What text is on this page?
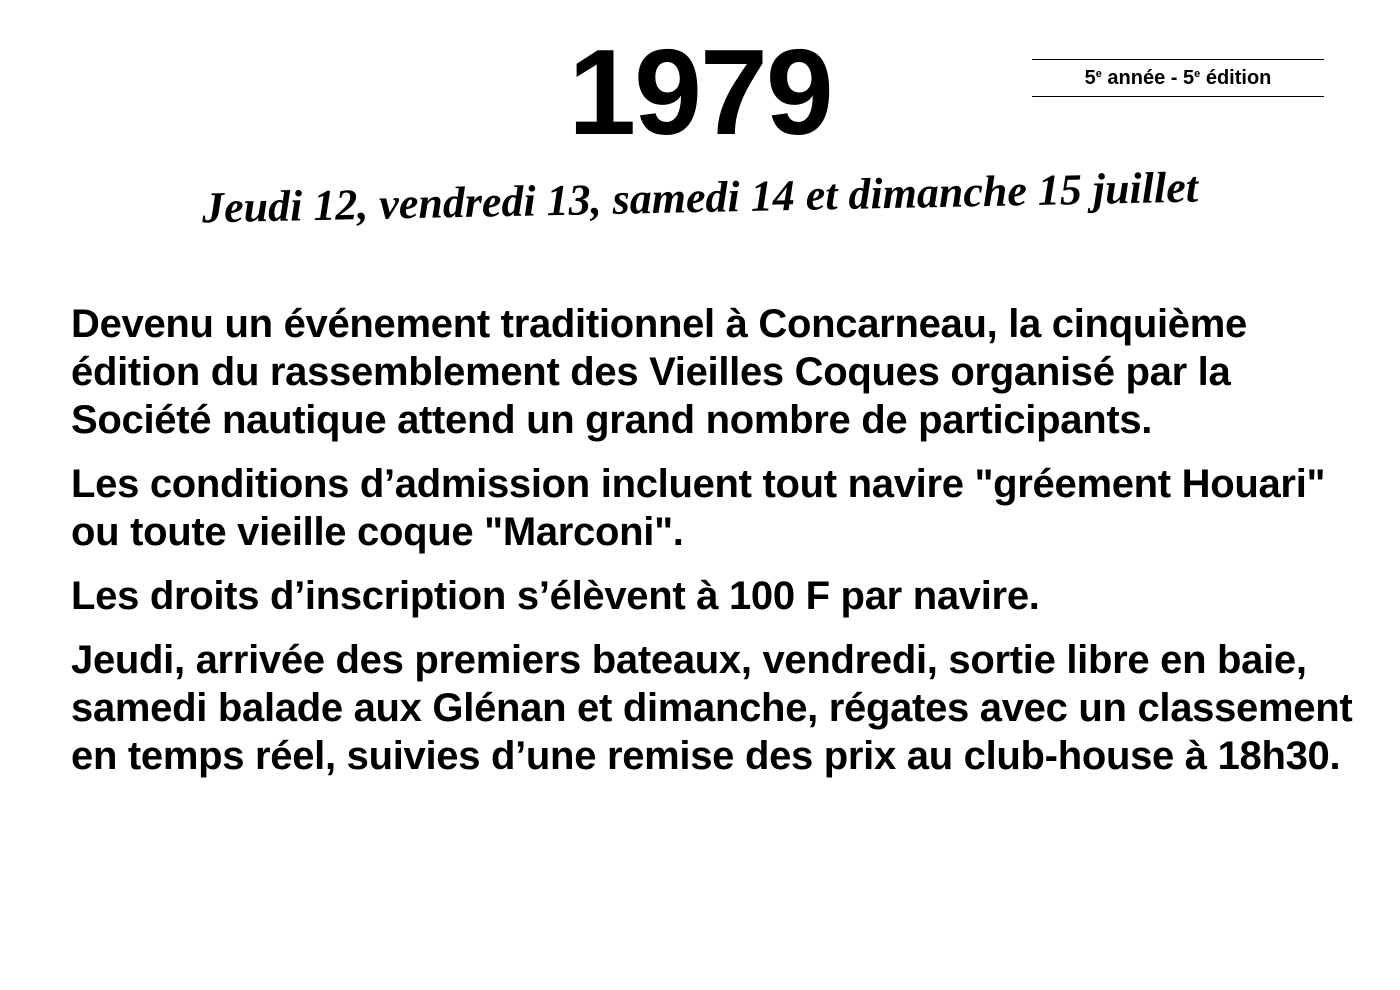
1979	5e
année
-
5e
édition
Jeudi 12, vendredi 13, samedi 14 et dimanche 15 juillet

Devenu un événement traditionnel à Concarneau, la cinquième édition du rassemblement des Vieilles Coques organisé par la Société nautique attend un grand nombre de participants.

Les conditions d’admission incluent tout navire "gréement Houari" ou toute vieille coque "Marconi".

Les droits d’inscription s’élèvent à 100 F par navire.

Jeudi, arrivée des premiers bateaux, vendredi, sortie libre en baie, samedi balade aux Glénan et dimanche, régates avec un classement en temps réel, suivies d’une remise des prix au club-house à 18h30.
